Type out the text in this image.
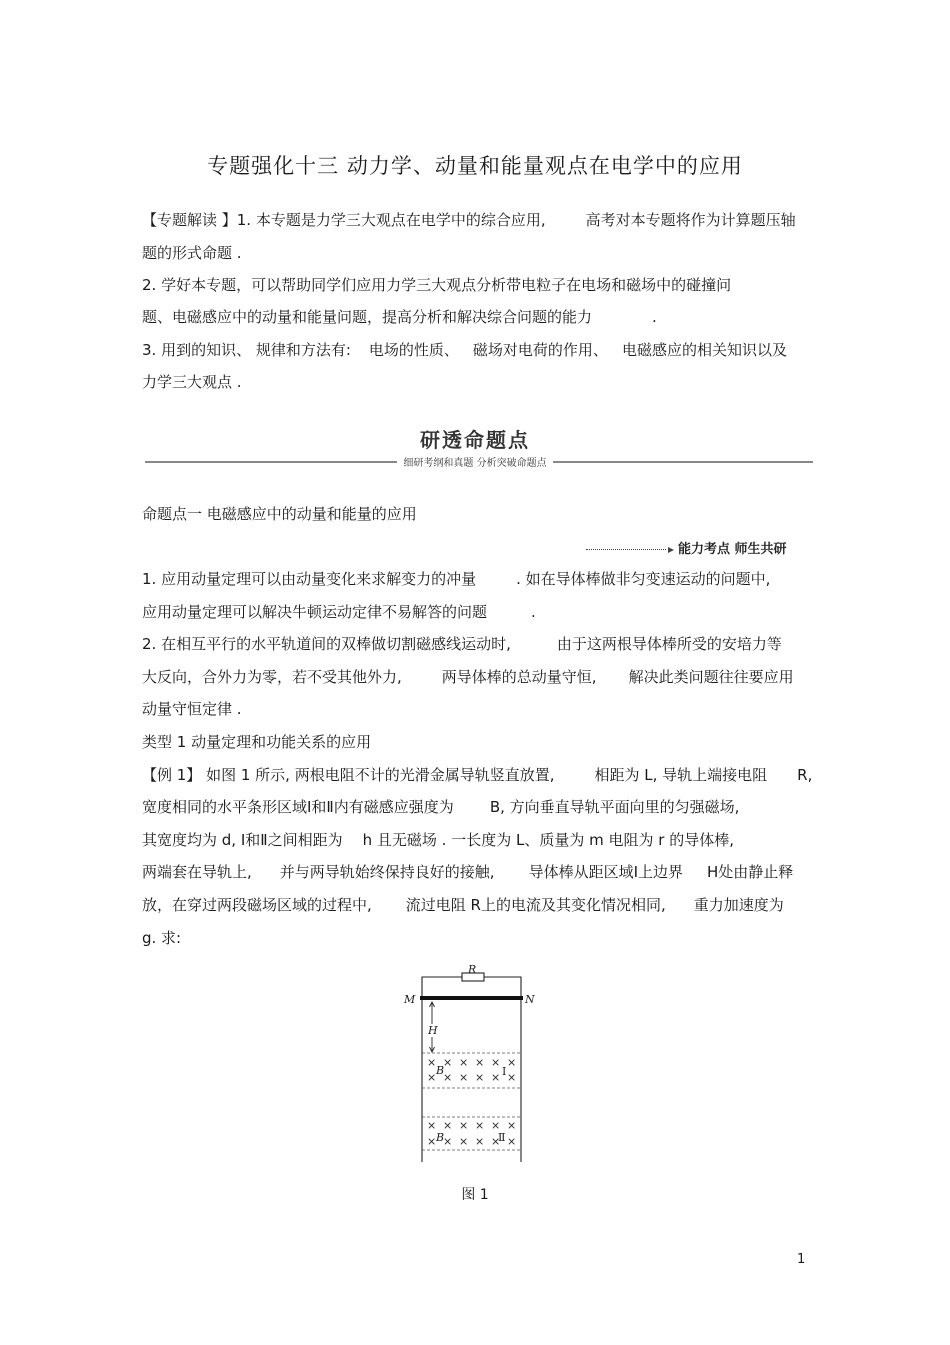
专题强化十三 动力学、动量和能量观点在电学中的应用
【专题解读 】1. 本专题是力学三大观点在电学中的综合应用,	高考对本专题将作为计算题压轴
题的形式命题 .
2. 学好本专题，可以帮助同学们应用力学三大观点分析带电粒子在电场和磁场中的碰撞问
题、电磁感应中的动量和能量问题，提高分析和解决综合问题的能力	.
3. 用到的知识、 规律和方法有: 电场的性质、 磁场对电荷的作用、 电磁感应的相关知识以及
力学三大观点 .
研透命题点
细研考纲和真题 分析突破命题点
命题点一 电磁感应中的动量和能量的应用
能力考点 师生共研
1. 应用动量定理可以由动量变化来求解变力的冲量	. 如在导体棒做非匀变速运动的问题中,
应用动量定理可以解决牛顿运动定律不易解答的问题	.
2. 在相互平行的水平轨道间的双棒做切割磁感线运动时,	由于这两根导体棒所受的安培力等
大反向，合外力为零，若不受其他外力,	两导体棒的总动量守恒, 解决此类问题往往要应用
动量守恒定律 .
类型 1 动量定理和功能关系的应用
【例 1】 如图 1 所示, 两根电阻不计的光滑金属导轨竖直放置,	相距为 L, 导轨上端接电阻 R,
宽度相同的水平条形区域Ⅰ和Ⅱ内有磁感应强度为 B, 方向垂直导轨平面向里的匀强磁场,
其宽度均为 d, Ⅰ和Ⅱ之间相距为 h 且无磁场 . 一长度为 L、质量为 m 电阻为 r 的导体棒,
两端套在导轨上, 并与两导轨始终保持良好的接触, 导体棒从距区域Ⅰ上边界 H处由静止释
放，在穿过两段磁场区域的过程中, 流过电阻 R上的电流及其变化情况相同, 重力加速度为
g. 求:
× × × × × ×
× × × × × ×
× × × × × ×
× × × × × ×
R
M	N
H
B
B
Ⅰ
Ⅱ
图 1
1
